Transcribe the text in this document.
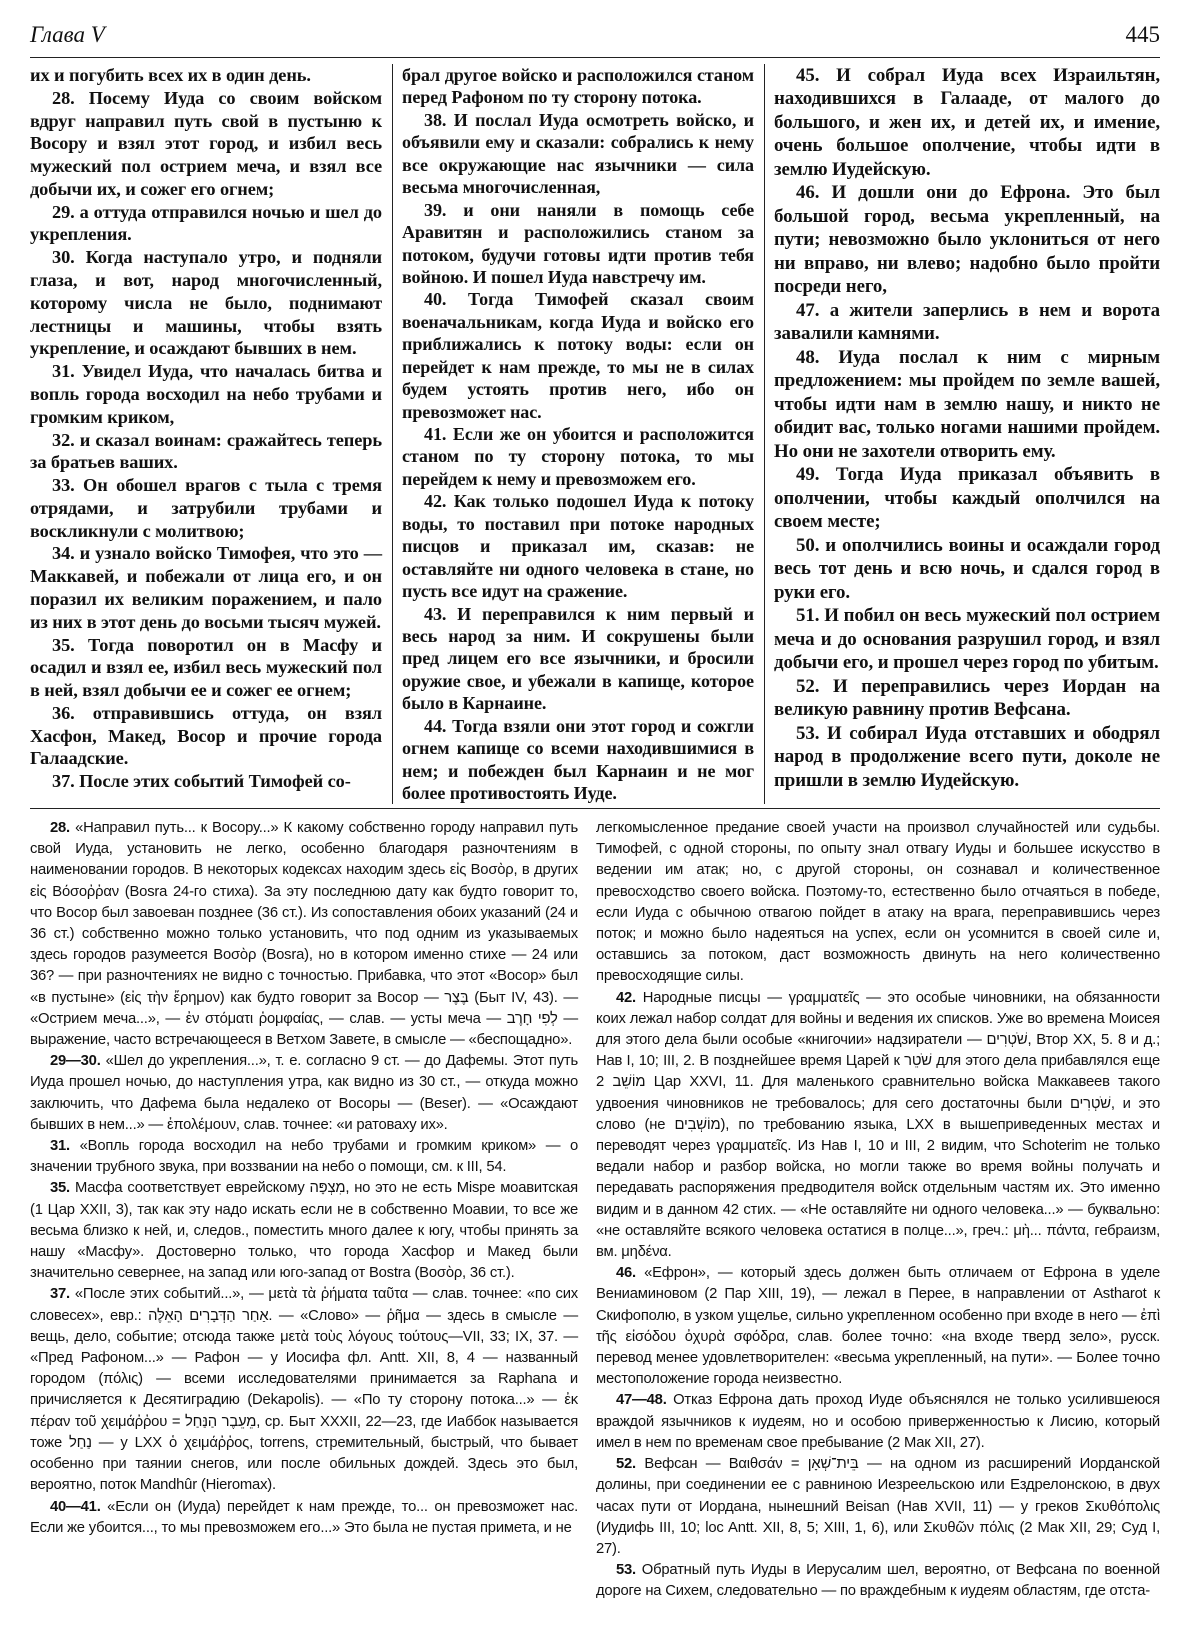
Глава V	445

их и погубить всех их в один день.

28. Посему Иуда со своим войском вдруг направил путь свой в пустыню к Восору и взял этот город, и избил весь мужеский пол острием меча, и взял все добычи их, и сожег его огнем;

29. а оттуда отправился ночью и шел до укрепления.

30. Когда наступало утро, и подняли глаза, и вот, народ многочисленный, которому числа не было, поднимают лестницы и машины, чтобы взять укрепление, и осаждают бывших в нем.

31. Увидел Иуда, что началась битва и вопль города восходил на небо трубами и громким криком,

32. и сказал воинам: сражайтесь теперь за братьев ваших.

33. Он обошел врагов с тыла с тремя отрядами, и затрубили трубами и воскликнули с молитвою;

34. и узнало войско Тимофея, что это — Маккавей, и побежали от лица его, и он поразил их великим поражением, и пало из них в этот день до восьми тысяч мужей.

35. Тогда поворотил он в Масфу и осадил и взял ее, избил весь мужеский пол в ней, взял добычи ее и сожег ее огнем;

36. отправившись оттуда, он взял Хасфон, Макед, Восор и прочие города Галаадские.

37. После этих событий Тимофей со-

брал другое войско и расположился станом перед Рафоном по ту сторону потока.

38. И послал Иуда осмотреть войско, и объявили ему и сказали: собрались к нему все окружающие нас язычники — сила весьма многочисленная,

39. и они наняли в помощь себе Аравитян и расположились станом за потоком, будучи готовы идти против тебя войною. И пошел Иуда навстречу им.

40. Тогда Тимофей сказал своим военачальникам, когда Иуда и войско его приближались к потоку воды: если он перейдет к нам прежде, то мы не в силах будем устоять против него, ибо он превозможет нас.

41. Если же он убоится и расположится станом по ту сторону потока, то мы перейдем к нему и превозможем его.

42. Как только подошел Иуда к потоку воды, то поставил при потоке народных писцов и приказал им, сказав: не оставляйте ни одного человека в стане, но пусть все идут на сражение.

43. И переправился к ним первый и весь народ за ним. И сокрушены были пред лицем его все язычники, и бросили оружие свое, и убежали в капище, которое было в Карнаине.

44. Тогда взяли они этот город и сожгли огнем капище со всеми находившимися в нем; и побежден был Карнаин и не мог более противостоять Иуде.

45. И собрал Иуда всех Израильтян, находившихся в Галааде, от малого до большого, и жен их, и детей их, и имение, очень большое ополчение, чтобы идти в землю Иудейскую.

46. И дошли они до Ефрона. Это был большой город, весьма укрепленный, на пути; невозможно было уклониться от него ни вправо, ни влево; надобно было пройти посреди него,

47. а жители заперлись в нем и ворота завалили камнями.

48. Иуда послал к ним с мирным предложением: мы пройдем по земле вашей, чтобы идти нам в землю нашу, и никто не обидит вас, только ногами нашими пройдем. Но они не захотели отворить ему.

49. Тогда Иуда приказал объявить в ополчении, чтобы каждый ополчился на своем месте;

50. и ополчились воины и осаждали город весь тот день и всю ночь, и сдался город в руки его.

51. И побил он весь мужеский пол острием меча и до основания разрушил город, и взял добычи его, и прошел через город по убитым.

52. И переправились через Иордан на великую равнину против Вефсана.

53. И собирал Иуда отставших и ободрял народ в продолжение всего пути, доколе не пришли в землю Иудейскую.

28. «Направил путь... к Восору...» К какому собственно городу направил путь свой Иуда, установить не легко, особенно благодаря разночтениям в наименовании городов. В некоторых кодексах находим здесь εἰς Βοσὸρ, в других εἰς Βόσοῤῥαν (Bosra 24-го стиха). За эту последнюю дату как будто говорит то, что Восор был завоеван позднее (36 ст.). Из сопоставления обоих указаний (24 и 36 ст.) собственно можно только установить, что под одним из указываемых здесь городов разумеется Βοσὸρ (Bosra), но в котором именно стихе — 24 или 36? — при разночтениях не видно с точностью. Прибавка, что этот «Восор» был «в пустыне» (εἰς τὴν ἔρημον) как будто говорит за Восор — בֶּצֶר (Быт IV, 43). — «Острием меча...», — ἐν στόματι ῥομφαίας, — слав. — усты меча — לְפִי חָרֶב — выражение, часто встречающееся в Ветхом Завете, в смысле — «беспощадно».

29—30. «Шел до укрепления...», т. е. согласно 9 ст. — до Дафемы. Этот путь Иуда прошел ночью, до наступления утра, как видно из 30 ст., — откуда можно заключить, что Дафема была недалеко от Восоры — (Beser). — «Осаждают бывших в нем...» — ἐπολέμουν, слав. точнее: «и ратоваху их».

31. «Вопль города восходил на небо трубами и громким криком» — о значении трубного звука, при воззвании на небо о помощи, см. к III, 54.

35. Масфа соответствует еврейскому מִצְפָּה, но это не есть Mispe моавитская (1 Цар XXII, 3), так как эту надо искать если не в собственно Моавии, то все же весьма близко к ней, и, следов., поместить много далее к югу, чтобы принять за нашу «Масфу». Достоверно только, что города Хасфор и Макед были значительно севернее, на запад или юго-запад от Bostra (Βοσὸρ, 36 ст.).

37. «После этих событий...», — μετὰ τὰ ῥήματα ταῦτα — слав. точнее: «по сих словесех», евр.: אַחַר הַדְּבָרִים הָאֵלֶּה. — «Слово» — ῥῆμα — здесь в смысле — вещь, дело, событие; отсюда также μετὰ τοὺς λόγους τούτους—VII, 33; IX, 37. — «Пред Рафоном...» — Рафон — у Иосифа фл. Antt. XII, 8, 4 — названный городом (πόλις) — всеми исследователями принимается за Raphana и причисляется к Десятиградию (Dekapolis). — «По ту сторону потока...» — ἐκ πέραν τοῦ χειμάῤῥου = מֵעֵבֶר הַנַּחַל, ср. Быт XXXII, 22—23, где Иаббок называется тоже נַחַל — у LXX ὁ χειμάῤῥος, torrens, стремительный, быстрый, что бывает особенно при таянии снегов, или после обильных дождей. Здесь это был, вероятно, поток Mandhûr (Hieromax).

40—41. «Если он (Иуда) перейдет к нам прежде, то... он превозможет нас. Если же убоится..., то мы превозможем его...» Это была не пустая примета, и не

легкомысленное предание своей участи на произвол случайностей или судьбы. Тимофей, с одной стороны, по опыту знал отвагу Иуды и большее искусство в ведении им атак; но, с другой стороны, он сознавал и количественное превосходство своего войска. Поэтому-то, естественно было отчаяться в победе, если Иуда с обычною отвагою пойдет в атаку на врага, переправившись через поток; и можно было надеяться на успех, если он усомнится в своей силе и, оставшись за потоком, даст возможность двинуть на него количественно превосходящие силы.

42. Народные писцы — γραμματεῖς — это особые чиновники, на обязанности коих лежал набор солдат для войны и ведения их списков. Уже во времена Моисея для этого дела были особые «книгочии» надзиратели — שֹׁטְרִים, Втор XX, 5. 8 и д.; Нав I, 10; III, 2. В позднейшее время Царей к שֹׁטֵר для этого дела прибавлялся еще מוֹשֵׁב 2 Цар XXVI, 11. Для маленького сравнительно войска Маккавеев такого удвоения чиновников не требовалось; для сего достаточны были שֹׁטְרִים, и это слово (не מוֹשְׁבִים), по требованию языка, LXX в вышеприведенных местах и переводят через γραμματεῖς. Из Нав I, 10 и III, 2 видим, что Schoterim не только ведали набор и разбор войска, но могли также во время войны получать и передавать распоряжения предводителя войск отдельным частям их. Это именно видим и в данном 42 стих. — «Не оставляйте ни одного человека...» — буквально: «не оставляйте всякого человека остатися в полце...», греч.: μὴ... πάντα, гебраизм, вм. μηδένα.

46. «Ефрон», — который здесь должен быть отличаем от Ефрона в уделе Вениаминовом (2 Пар XIII, 19), — лежал в Перее, в направлении от Astharot к Скифополю, в узком ущелье, сильно укрепленном особенно при входе в него — ἐπὶ τῆς εἰσόδου ὀχυρὰ σφόδρα, слав. более точно: «на входе тверд зело», русск. перевод менее удовлетворителен: «весьма укрепленный, на пути». — Более точно местоположение города неизвестно.

47—48. Отказ Ефрона дать проход Иуде объяснялся не только усилившеюся враждой язычников к иудеям, но и особою приверженностью к Лисию, который имел в нем по временам свое пребывание (2 Мак XII, 27).

52. Вефсан — Βαιθσάν = בֵּית־שְׁאָן — на одном из расширений Иорданской долины, при соединении ее с равниною Иезреельскою или Ездрелонскою, в двух часах пути от Иордана, нынешний Beisan (Нав XVII, 11) — у греков Σκυθόπολις (Иудифь III, 10; loc Antt. XII, 8, 5; XIII, 1, 6), или Σκυθῶν πόλις (2 Мак XII, 29; Суд I, 27).

53. Обратный путь Иуды в Иерусалим шел, вероятно, от Вефсана по военной дороге на Сихем, следовательно — по враждебным к иудеям областям, где отста-
